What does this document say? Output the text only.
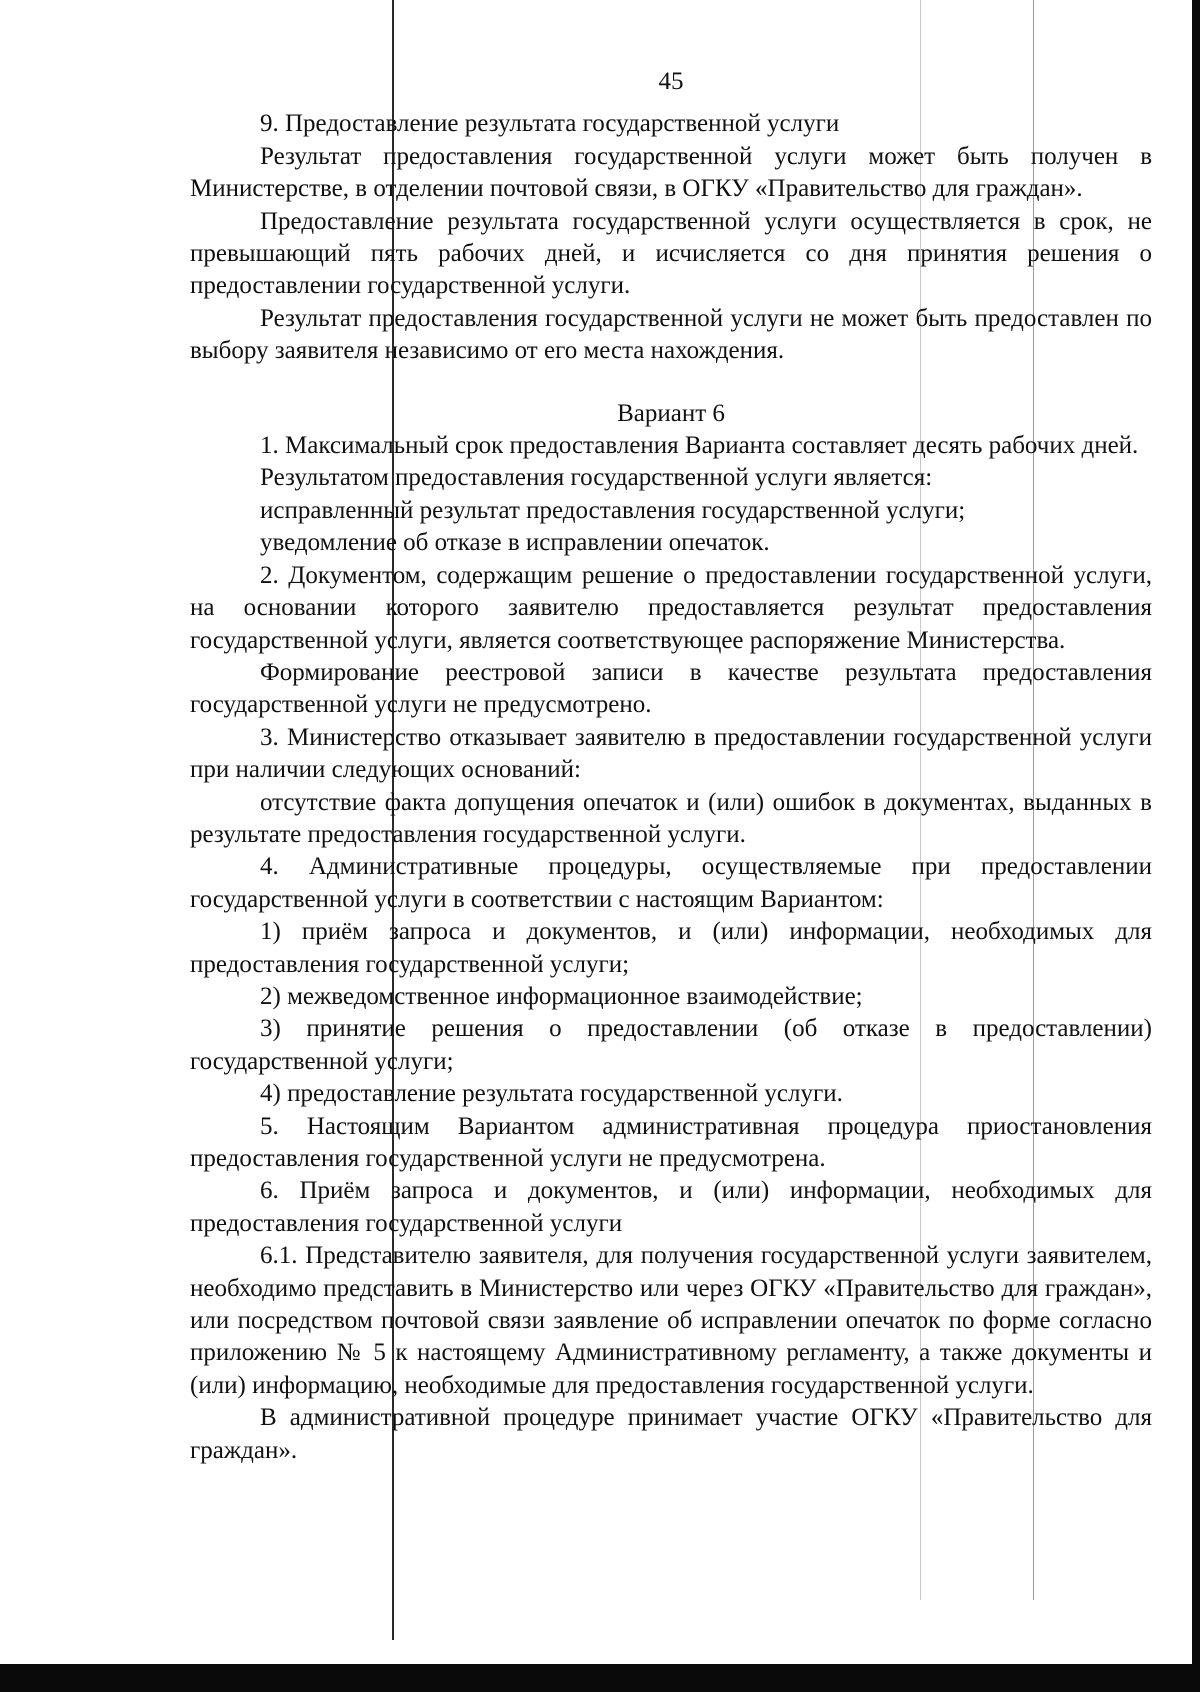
45

9. Предоставление результата государственной услуги

Результат предоставления государственной услуги может быть получен в Министерстве, в отделении почтовой связи, в ОГКУ «Правительство для граждан».

Предоставление результата государственной услуги осуществляется в срок, не превышающий пять рабочих дней, и исчисляется со дня принятия решения о предоставлении государственной услуги.

Результат предоставления государственной услуги не может быть предоставлен по выбору заявителя независимо от его места нахождения.

Вариант 6

1. Максимальный срок предоставления Варианта составляет десять рабочих дней.

Результатом предоставления государственной услуги является:

исправленный результат предоставления государственной услуги;

уведомление об отказе в исправлении опечаток.

2. Документом, содержащим решение о предоставлении государственной услуги, на основании которого заявителю предоставляется результат предоставления государственной услуги, является соответствующее распоряжение Министерства.

Формирование реестровой записи в качестве результата предоставления государственной услуги не предусмотрено.

3. Министерство отказывает заявителю в предоставлении государственной услуги при наличии следующих оснований:

отсутствие факта допущения опечаток и (или) ошибок в документах, выданных в результате предоставления государственной услуги.

4. Административные процедуры, осуществляемые при предоставлении государственной услуги в соответствии с настоящим Вариантом:

1) приём запроса и документов, и (или) информации, необходимых для предоставления государственной услуги;

2) межведомственное информационное взаимодействие;

3) принятие решения о предоставлении (об отказе в предоставлении) государственной услуги;

4) предоставление результата государственной услуги.

5. Настоящим Вариантом административная процедура приостановления предоставления государственной услуги не предусмотрена.

6. Приём запроса и документов, и (или) информации, необходимых для предоставления государственной услуги

6.1. Представителю заявителя, для получения государственной услуги заявителем, необходимо представить в Министерство или через ОГКУ «Правительство для граждан», или посредством почтовой связи заявление об исправлении опечаток по форме согласно приложению № 5 к настоящему Административному регламенту, а также документы и (или) информацию, необходимые для предоставления государственной услуги.

В административной процедуре принимает участие ОГКУ «Правительство для граждан».
